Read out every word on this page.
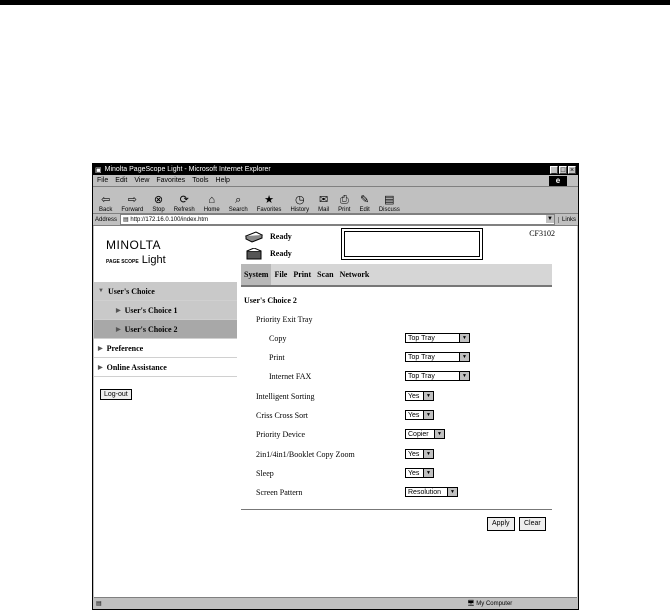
▣ Minolta PageScope Light - Microsoft Internet Explorer	_ □ ×
File Edit View Favorites Tools Help	e
⇦
Back
⇨
Forward
⊗
Stop
⟳
Refresh
⌂
Home
⌕
Search
★
Favorites
◷
History
✉
Mail
⎙
Print
✎
Edit
▤
Discuss
Address ▤ http://172.16.0.100/index.htm	▼	Links
MINOLTA
PAGE SCOPE Light
▼ User's Choice
▶ User's Choice 1
▶ User's Choice 2
▶ Preference
▶ Online Assistance
Log-out
Ready
Ready
CF3102
System File Print Scan Network
User's Choice 2
Priority Exit Tray
Copy	Top Tray	▼
Print	Top Tray	▼
Internet FAX	Top Tray	▼
Intelligent Sorting	Yes	▼
Criss Cross Sort	Yes	▼
Priority Device	Copier	▼
2in1/4in1/Booklet Copy Zoom	Yes	▼
Sleep	Yes	▼
Screen Pattern	Resolution	▼
Apply	Clear
▤	🖥 My Computer
